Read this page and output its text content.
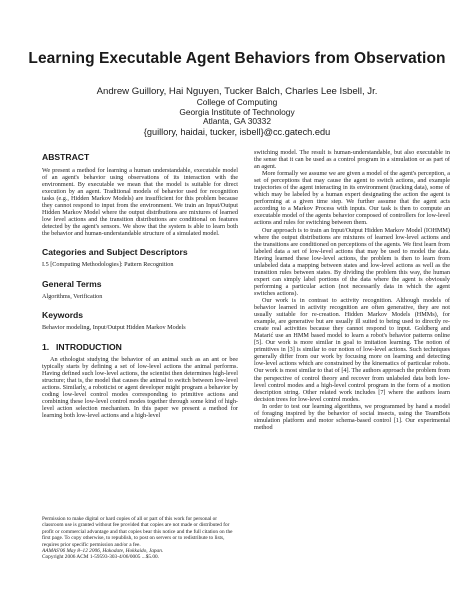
Learning Executable Agent Behaviors from Observation
Andrew Guillory, Hai Nguyen, Tucker Balch, Charles Lee Isbell, Jr.
College of Computing
Georgia Institute of Technology
Atlanta, GA 30332
{guillory, haidai, tucker, isbell}@cc.gatech.edu
ABSTRACT

We present a method for learning a human understandable, executable model of an agent's behavior using observations of its interaction with the environment. By executable we mean that the model is suitable for direct execution by an agent. Traditional models of behavior used for recognition tasks (e.g., Hidden Markov Models) are insufficient for this problem because they cannot respond to input from the environment. We train an Input/Output Hidden Markov Model where the output distributions are mixtures of learned low level actions and the transition distributions are conditional on features detected by the agent's sensors. We show that the system is able to learn both the behavior and human-understandable structure of a simulated model.

Categories and Subject Descriptors

I.5 [Computing Methodologies]: Pattern Recognition

General Terms

Algorithms, Verification

Keywords

Behavior modeling, Input/Output Hidden Markov Models

1. INTRODUCTION

An ethologist studying the behavior of an animal such as an ant or bee typically starts by defining a set of low-level actions the animal performs. Having defined such low-level actions, the scientist then determines high-level structure; that is, the model that causes the animal to switch between low-level actions. Similarly, a roboticist or agent developer might program a behavior by coding low-level control modes corresponding to primitive actions and combining these low-level control modes together through some kind of high-level action selection mechanism. In this paper we present a method for learning both low-level actions and a high-level

Permission to make digital or hard copies of all or part of this work for personal or classroom use is granted without fee provided that copies are not made or distributed for profit or commercial advantage and that copies bear this notice and the full citation on the first page. To copy otherwise, to republish, to post on servers or to redistribute to lists, requires prior specific permission and/or a fee.
AAMAS'06 May 8–12 2006, Hakodate, Hokkaido, Japan.
Copyright 2006 ACM 1-59593-303-4/06/0005 ...$5.00.

switching model. The result is human-understandable, but also executable in the sense that it can be used as a control program in a simulation or as part of an agent.

More formally we assume we are given a model of the agent's perception, a set of perceptions that may cause the agent to switch actions, and example trajectories of the agent interacting in its environment (tracking data), some of which may be labeled by a human expert designating the action the agent is performing at a given time step. We further assume that the agent acts according to a Markov Process with inputs. Our task is then to compute an executable model of the agents behavior composed of controllers for low-level actions and rules for switching between them.

Our approach is to train an Input/Output Hidden Markov Model (IOHMM) where the output distributions are mixtures of learned low-level actions and the transitions are conditioned on perceptions of the agents. We first learn from labeled data a set of low-level actions that may be used to model the data. Having learned these low-level actions, the problem is then to learn from unlabeled data a mapping between states and low-level actions as well as the transition rules between states. By dividing the problem this way, the human expert can simply label portions of the data where the agent is obviously performing a particular action (not necessarily data in which the agent switches actions).

Our work is in contrast to activity recognition. Although models of behavior learned in activity recognition are often generative, they are not usually suitable for re-creation. Hidden Markov Models (HMMs), for example, are generative but are usually ill suited to being used to directly re-create real activities because they cannot respond to input. Goldberg and Matarić use an HMM based model to learn a robot's behavior patterns online [5]. Our work is more similar in goal to imitation learning. The notion of primitives in [3] is similar to our notion of low-level actions. Such techniques generally differ from our work by focusing more on learning and detecting low-level actions which are constrained by the kinematics of particular robots. Our work is most similar to that of [4]. The authors approach the problem from the perspective of control theory and recover from unlabeled data both low-level control modes and a high-level control program in the form of a motion description string. Other related work includes [7] where the authors learn decision trees for low-level control modes.

In order to test our learning algorithms, we programmed by hand a model of foraging inspired by the behavior of social insects, using the TeamBots simulation platform and motor schema-based control [1]. Our experimental method
